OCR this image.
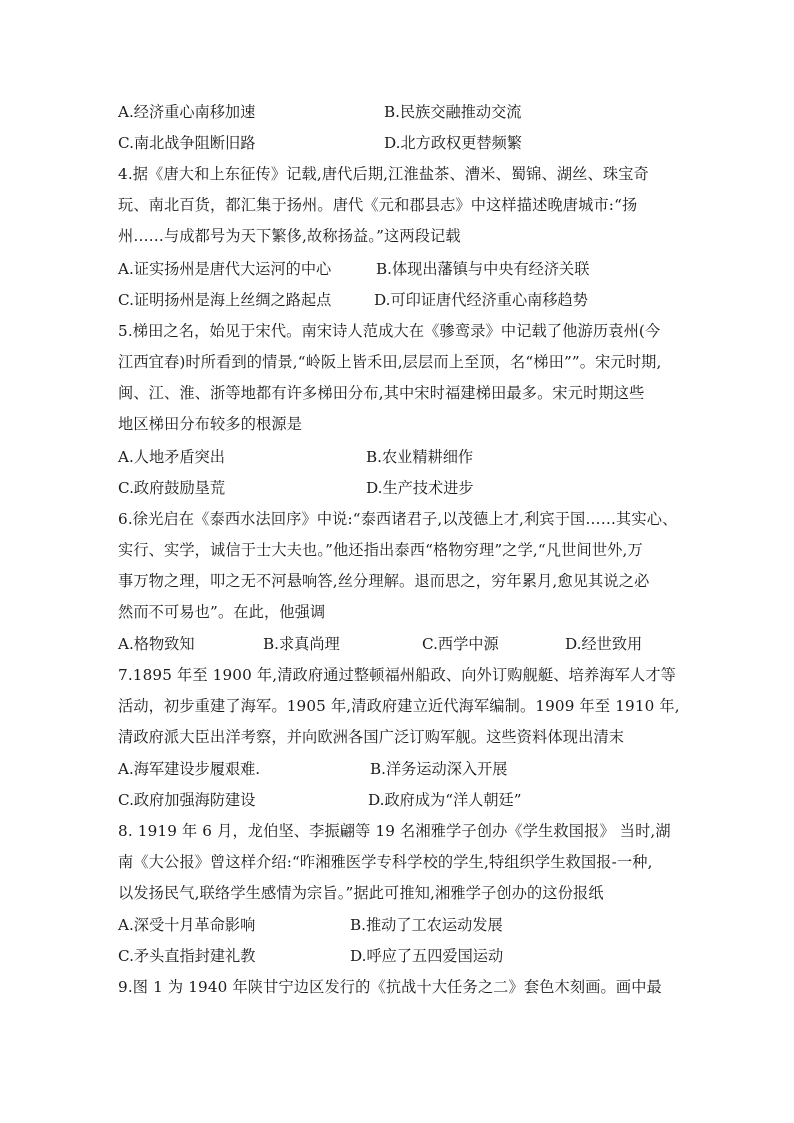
A.经济重心南移加速	B.民族交融推动交流
C.南北战争阻断旧路	D.北方政权更替频繁
4.据《唐大和上东征传》记载,唐代后期,江淮盐茶、漕米、蜀锦、湖丝、珠宝奇
玩、南北百货，都汇集于扬州。唐代《元和郡县志》中这样描述晚唐城市:“扬
州……与成都号为天下繁侈,故称扬益。”这两段记载
A.证实扬州是唐代大运河的中心	B.体现出藩镇与中央有经济关联
C.证明扬州是海上丝绸之路起点	D.可印证唐代经济重心南移趋势
5.梯田之名，始见于宋代。南宋诗人范成大在《骖鸾录》中记载了他游历袁州(今
江西宜春)时所看到的情景,“岭阪上皆禾田,层层而上至顶，名“梯田””。宋元时期,
闽、江、淮、浙等地都有许多梯田分布,其中宋时福建梯田最多。宋元时期这些
地区梯田分布较多的根源是
A.人地矛盾突出	B.农业精耕细作
C.政府鼓励垦荒	D.生产技术进步
6.徐光启在《泰西水法回序》中说:“泰西诸君子,以茂德上才,利宾于国……其实心、
实行、实学，诚信于士大夫也。”他还指出泰西“格物穷理”之学,“凡世间世外,万
事万物之理，叩之无不河悬响答,丝分理解。退而思之，穷年累月,愈见其说之必
然而不可易也”。在此，他强调
A.格物致知	B.求真尚理	C.西学中源	D.经世致用
7.1895 年至 1900 年,清政府通过整顿福州船政、向外订购舰艇、培养海军人才等
活动，初步重建了海军。1905 年,清政府建立近代海军编制。1909 年至 1910 年,
清政府派大臣出洋考察，并向欧洲各国广泛订购军舰。这些资料体现出清末
A.海军建设步履艰难.	B.洋务运动深入开展
C.政府加强海防建设	D.政府成为“洋人朝廷”
8. 1919 年 6 月，龙伯坚、李振翩等 19 名湘雅学子创办《学生救国报》 当时,湖
南《大公报》曾这样介绍:“昨湘雅医学专科学校的学生,特组织学生救国报-一种,
以发扬民气,联络学生感情为宗旨。”据此可推知,湘雅学子创办的这份报纸
A.深受十月革命影响	B.推动了工农运动发展
C.矛头直指封建礼教	D.呼应了五四爱国运动
9.图 1 为 1940 年陕甘宁边区发行的《抗战十大任务之二》套色木刻画。画中最
